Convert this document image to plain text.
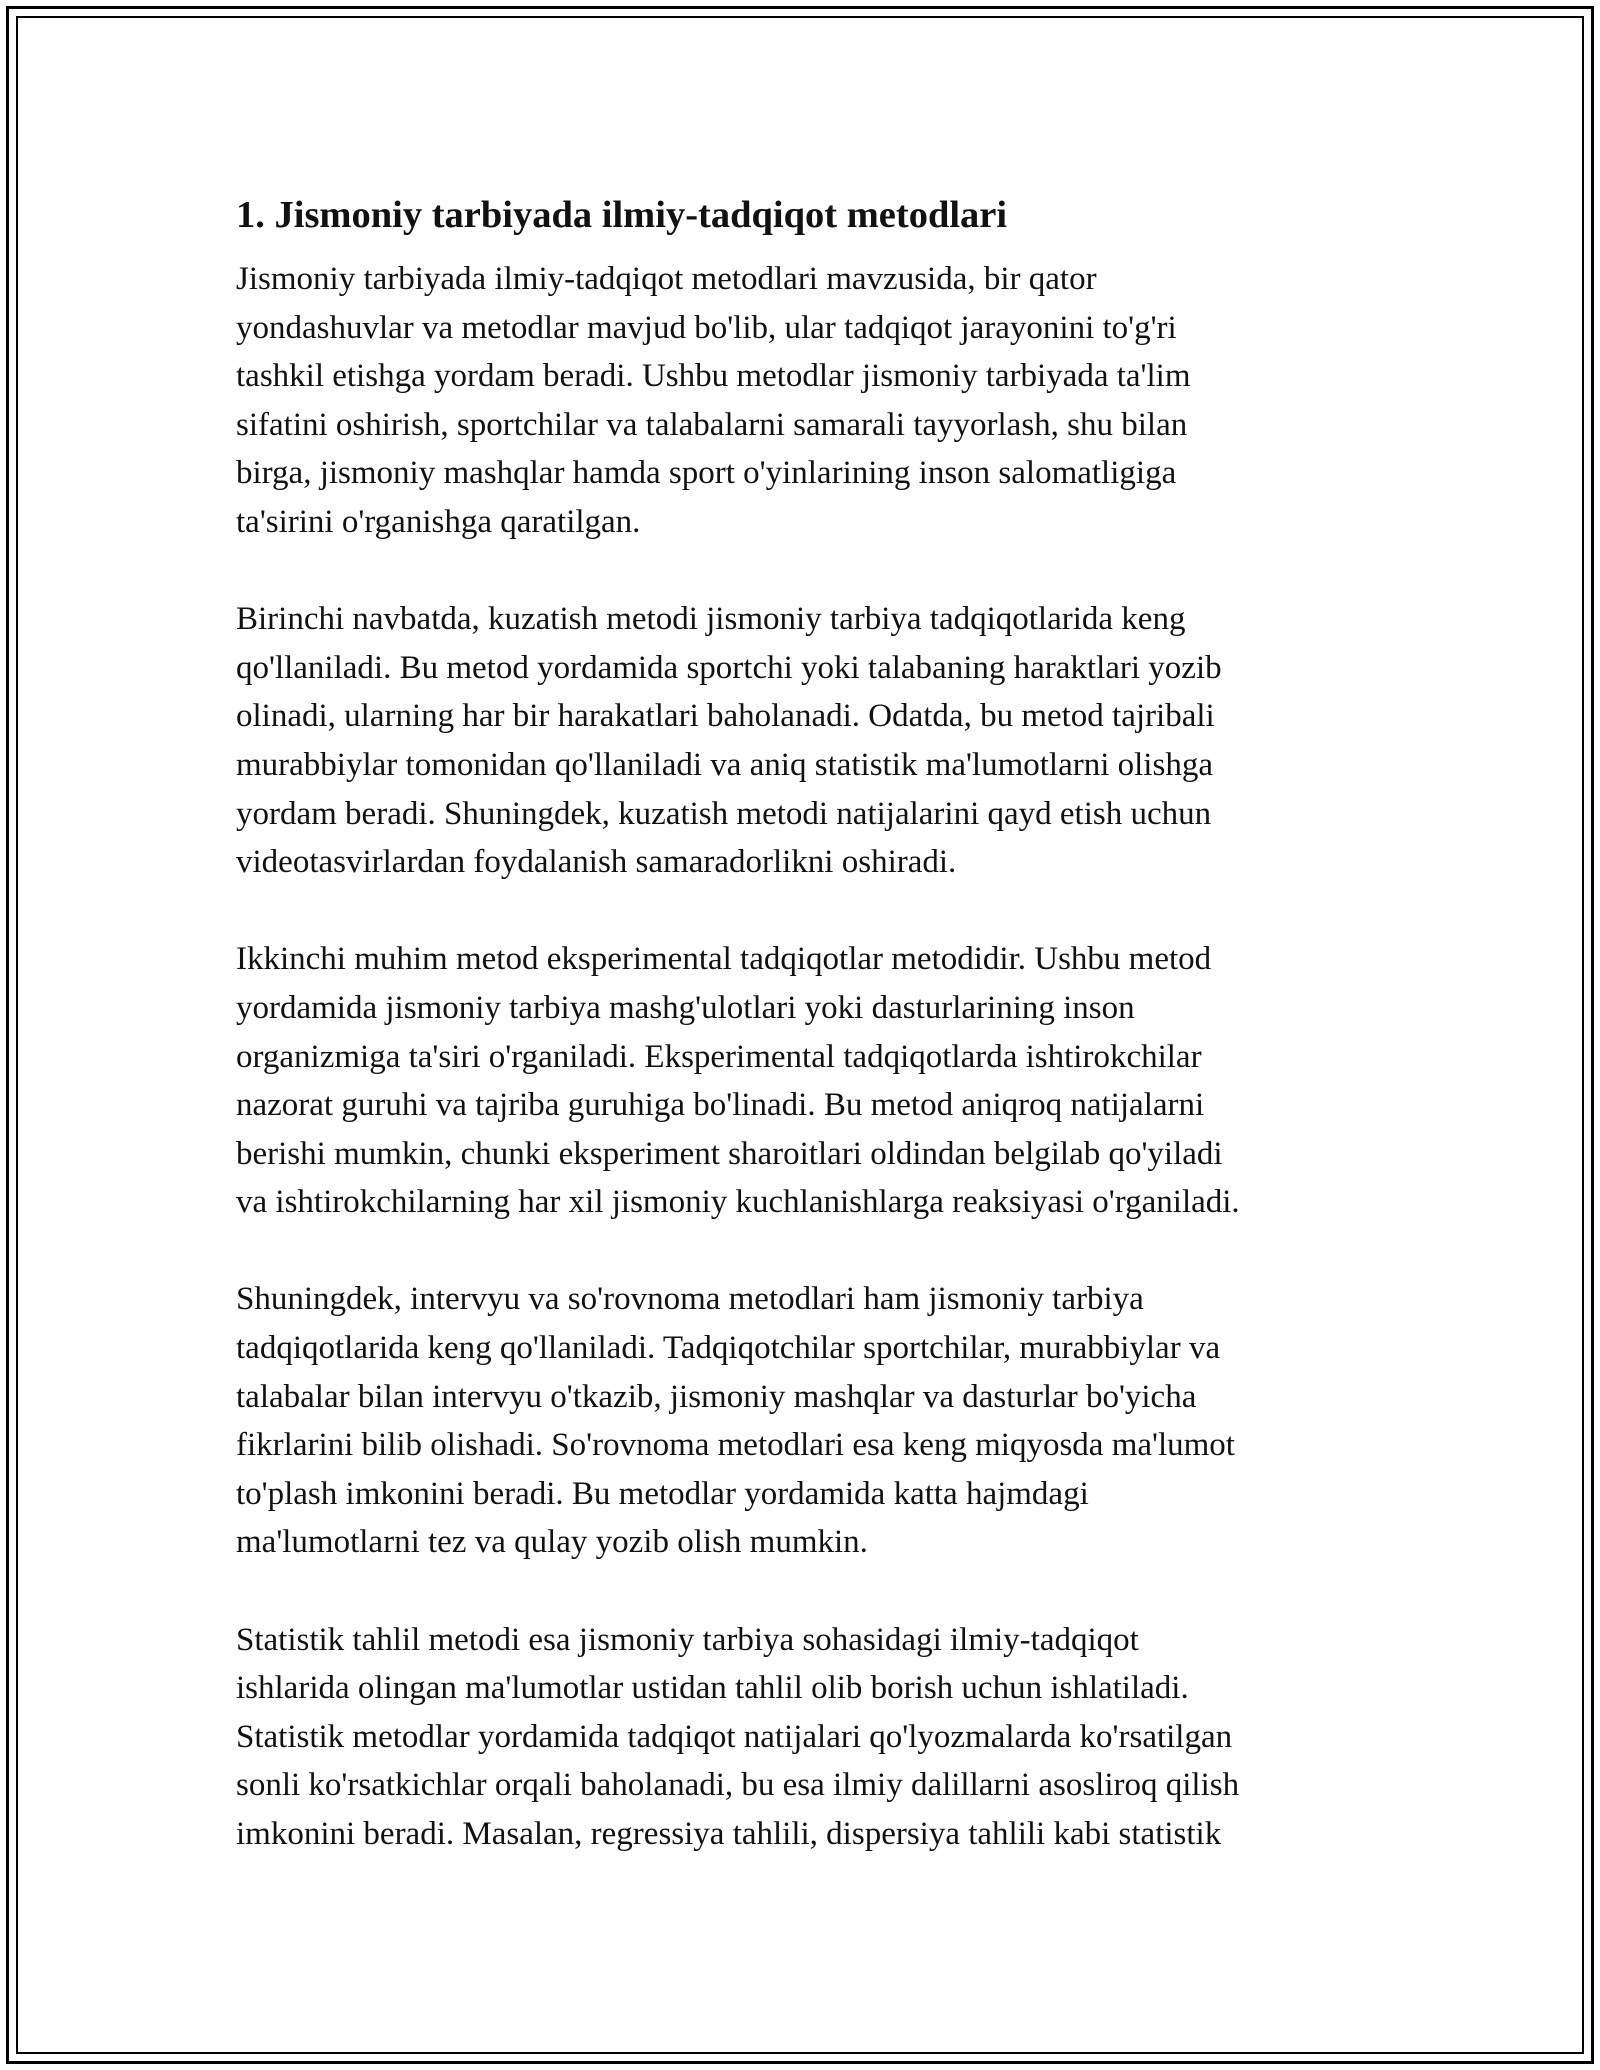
1. Jismoniy tarbiyada ilmiy-tadqiqot metodlari

Jismoniy tarbiyada ilmiy-tadqiqot metodlari mavzusida, bir qator
yondashuvlar va metodlar mavjud bo'lib, ular tadqiqot jarayonini to'g'ri
tashkil etishga yordam beradi. Ushbu metodlar jismoniy tarbiyada ta'lim
sifatini oshirish, sportchilar va talabalarni samarali tayyorlash, shu bilan
birga, jismoniy mashqlar hamda sport o'yinlarining inson salomatligiga
ta'sirini o'rganishga qaratilgan.

Birinchi navbatda, kuzatish metodi jismoniy tarbiya tadqiqotlarida keng
qo'llaniladi. Bu metod yordamida sportchi yoki talabaning haraktlari yozib
olinadi, ularning har bir harakatlari baholanadi. Odatda, bu metod tajribali
murabbiylar tomonidan qo'llaniladi va aniq statistik ma'lumotlarni olishga
yordam beradi. Shuningdek, kuzatish metodi natijalarini qayd etish uchun
videotasvirlardan foydalanish samaradorlikni oshiradi.

Ikkinchi muhim metod eksperimental tadqiqotlar metodidir. Ushbu metod
yordamida jismoniy tarbiya mashg'ulotlari yoki dasturlarining inson
organizmiga ta'siri o'rganiladi. Eksperimental tadqiqotlarda ishtirokchilar
nazorat guruhi va tajriba guruhiga bo'linadi. Bu metod aniqroq natijalarni
berishi mumkin, chunki eksperiment sharoitlari oldindan belgilab qo'yiladi
va ishtirokchilarning har xil jismoniy kuchlanishlarga reaksiyasi o'rganiladi.

Shuningdek, intervyu va so'rovnoma metodlari ham jismoniy tarbiya
tadqiqotlarida keng qo'llaniladi. Tadqiqotchilar sportchilar, murabbiylar va
talabalar bilan intervyu o'tkazib, jismoniy mashqlar va dasturlar bo'yicha
fikrlarini bilib olishadi. So'rovnoma metodlari esa keng miqyosda ma'lumot
to'plash imkonini beradi. Bu metodlar yordamida katta hajmdagi
ma'lumotlarni tez va qulay yozib olish mumkin.

Statistik tahlil metodi esa jismoniy tarbiya sohasidagi ilmiy-tadqiqot
ishlarida olingan ma'lumotlar ustidan tahlil olib borish uchun ishlatiladi.
Statistik metodlar yordamida tadqiqot natijalari qo'lyozmalarda ko'rsatilgan
sonli ko'rsatkichlar orqali baholanadi, bu esa ilmiy dalillarni asosliroq qilish
imkonini beradi. Masalan, regressiya tahlili, dispersiya tahlili kabi statistik
